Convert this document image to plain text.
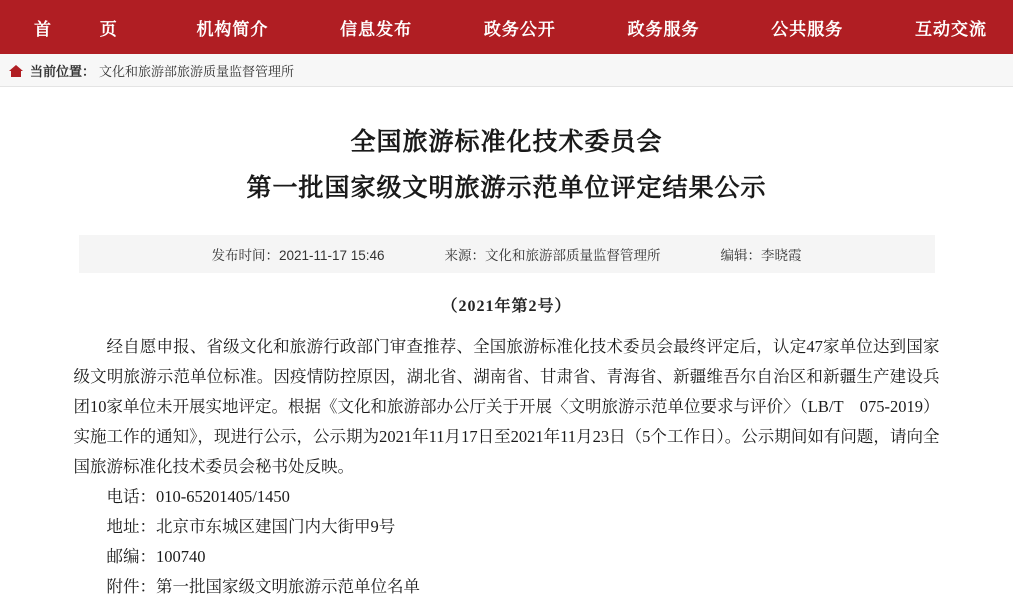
首 页	机构简介	信息发布	政务公开	政务服务	公共服务	互动交流
当前位置： 文化和旅游部旅游质量监督管理所
全国旅游标准化技术委员会
第一批国家级文明旅游示范单位评定结果公示
发布时间：2021-11-17 15:46	来源：文化和旅游部质量监督管理所	编辑：李晓霞
（2021年第2号）

经自愿申报、省级文化和旅游行政部门审查推荐、全国旅游标准化技术委员会最终评定后，认定47家单位达到国家级文明旅游示范单位标准。因疫情防控原因，湖北省、湖南省、甘肃省、青海省、新疆维吾尔自治区和新疆生产建设兵团10家单位未开展实地评定。根据《文化和旅游部办公厅关于开展〈文明旅游示范单位要求与评价〉（LB/T　075-2019）实施工作的通知》，现进行公示，公示期为2021年11月17日至2021年11月23日（5个工作日）。公示期间如有问题，请向全国旅游标准化技术委员会秘书处反映。

电话：010-65201405/1450

地址：北京市东城区建国门内大街甲9号

邮编：100740

附件：第一批国家级文明旅游示范单位名单
